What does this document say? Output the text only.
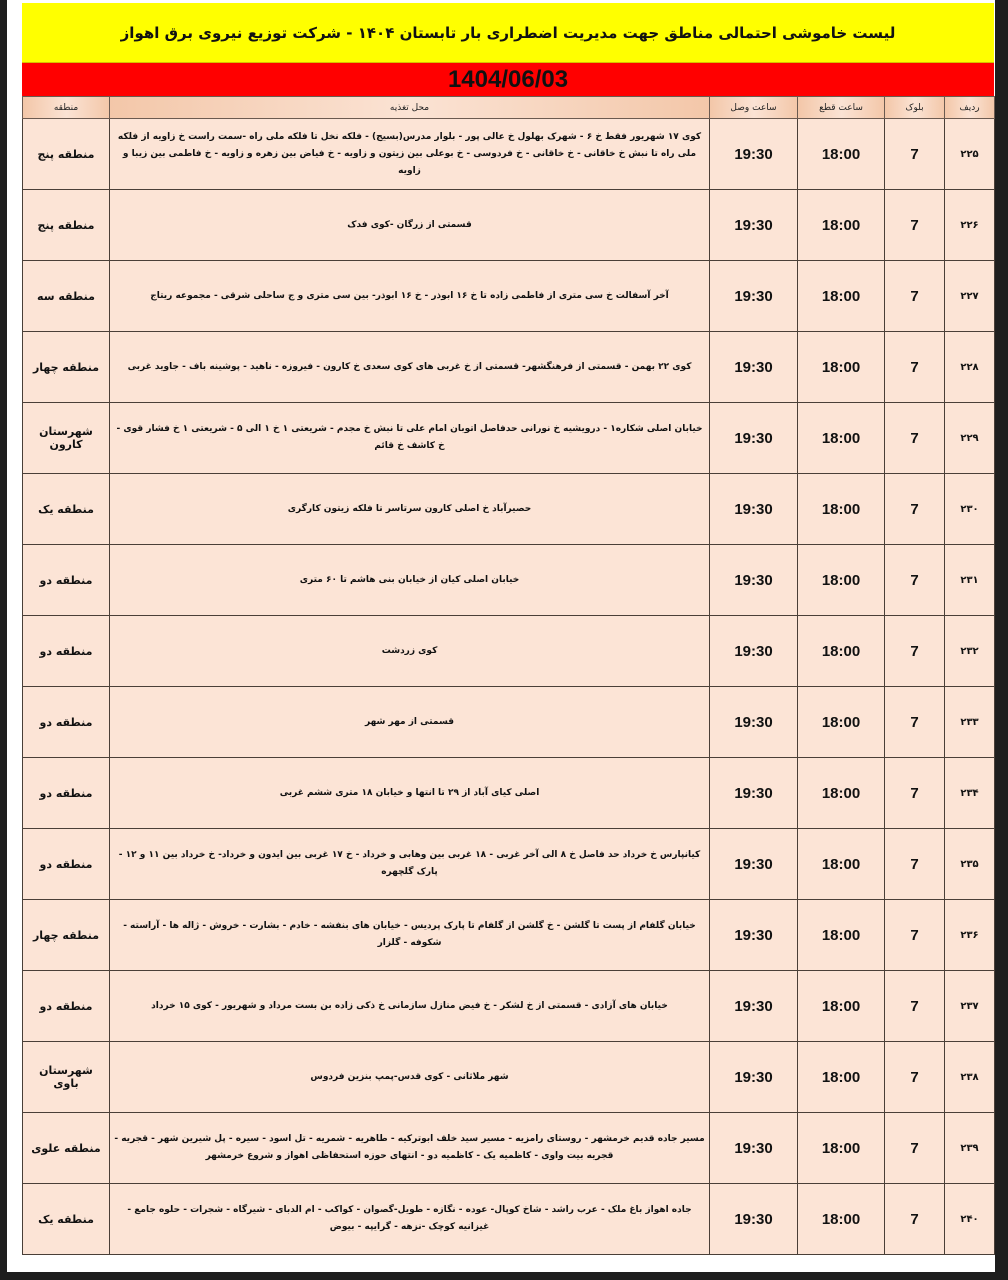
لیست خاموشی احتمالی مناطق جهت مدیریت اضطراری بار تابستان ۱۴۰۴ - شرکت توزیع نیروی برق اهواز
1404/06/03
ردیف	بلوک	ساعت قطع	ساعت وصل	محل تغذیه	منطقه
۲۲۵	7	18:00	19:30	کوی ۱۷ شهریور فقط خ ۶ - شهرک بهلول خ عالی پور - بلوار مدرس(بسیج) - فلکه نخل تا فلکه ملی راه -سمت راست خ زاویه از فلکه ملی راه تا نبش خ خاقانی - خ خاقانی - خ فردوسی - خ بوعلی بین زیتون و زاویه - خ فیاض بین زهره و زاویه - خ فاطمی بین زیبا و زاویه	منطقه پنج
۲۲۶	7	18:00	19:30	قسمتی از زرگان -کوی فدک	منطقه پنج
۲۲۷	7	18:00	19:30	آخر آسفالت خ سی متری از فاطمی زاده تا خ ۱۶ ابوذر - خ ۱۶ ابوذر- بین سی متری و ج ساحلی شرقی - مجموعه ریتاج	منطقه سه
۲۲۸	7	18:00	19:30	کوی ۲۲ بهمن - قسمتی از فرهنگشهر- قسمتی از خ غربی های کوی سعدی خ کارون - فیروزه - ناهید - پوشینه باف - جاوید غربی	منطقه چهار
۲۲۹	7	18:00	19:30	خیابان اصلی شکاره۱ - درویشیه خ نورانی حدفاصل اتوبان امام علی تا نبش خ مجدم - شریعتی ۱ خ ۱ الی ۵ - شریعتی ۱ خ فشار قوی - خ کاشف خ قائم	شهرستان کارون
۲۳۰	7	18:00	19:30	حصیرآباد خ اصلی کارون سرتاسر تا فلکه زیتون کارگری	منطقه یک
۲۳۱	7	18:00	19:30	خیابان اصلی کیان از خیابان بنی هاشم تا ۶۰ متری	منطقه دو
۲۳۲	7	18:00	19:30	کوی زردشت	منطقه دو
۲۳۳	7	18:00	19:30	قسمتی از مهر شهر	منطقه دو
۲۳۴	7	18:00	19:30	اصلی کیای آباد از ۲۹ تا انتها و خیابان ۱۸ متری ششم غربی	منطقه دو
۲۳۵	7	18:00	19:30	کیانپارس خ خرداد حد فاصل خ ۸ الی آخر غربی - ۱۸ غربی بین وهابی و خرداد - خ ۱۷ غربی بین ایدون و خرداد- خ خرداد بین ۱۱ و ۱۲ - پارک گلچهره	منطقه دو
۲۳۶	7	18:00	19:30	خیابان گلفام از پست تا گلشن - خ گلشن از گلفام تا پارک پردیس - خیابان های بنفشه - خادم - بشارت - خروش - ژاله ها - آراسته - شکوفه - گلزار	منطقه چهار
۲۳۷	7	18:00	19:30	خیابان های آزادی - قسمتی از خ لشکر - خ فیض منازل سازمانی خ ذکی زاده بن بست مرداد و شهریور - کوی ۱۵ خرداد	منطقه دو
۲۳۸	7	18:00	19:30	شهر ملاثانی - کوی قدس-پمپ بنزین فردوس	شهرستان باوی
۲۳۹	7	18:00	19:30	مسیر جاده قدیم خرمشهر - روستای رامزیه - مسیر سید خلف ابوترکیه - طاهریه - شمریه - تل اسود - سیره - پل شیرین شهر - قجریه - قجریه بیت واوی - کاظمیه یک - کاظمیه دو - انتهای حوزه استحفاظی اهواز و شروع خرمشهر	منطقه علوی
۲۴۰	7	18:00	19:30	جاده اهواز باغ ملک - عرب راشد - شاخ کوپال- عوده - نگازه - طویل-گصوان - کواکب - ام الدبای - شیرگاه - شجرات - حلوه جامع - غیزانیه کوچک -نزهه - گرایپه - بیوض	منطقه یک
